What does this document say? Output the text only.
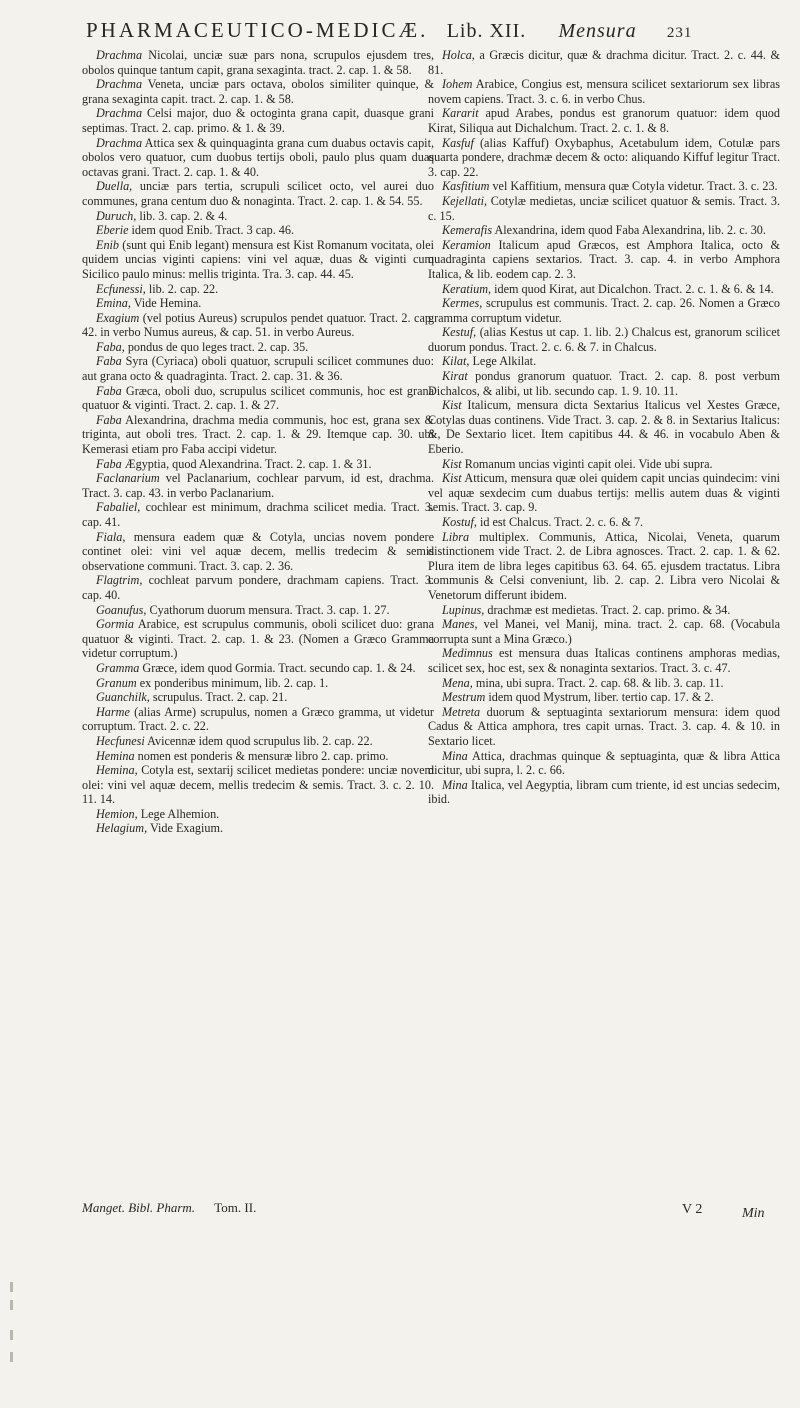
PHARMACEUTICO-MEDICÆ. Lib. XII. Mensura 231

Drachma Nicolai, unciæ suæ pars nona, scrupulos ejusdem tres, obolos quinque tantum capit, grana sexaginta. tract. 2. cap. 1. & 58.

Drachma Veneta, unciæ pars octava, obolos similiter quinque, & grana sexaginta capit. tract. 2. cap. 1. & 58.

Drachma Celsi major, duo & octoginta grana capit, duasque grani septimas. Tract. 2. cap. primo. & 1. & 39.

Drachma Attica sex & quinquaginta grana cum duabus octavis capit, obolos vero quatuor, cum duobus tertijs oboli, paulo plus quam duas octavas grani. Tract. 2. cap. 1. & 40.

Duella, unciæ pars tertia, scrupuli scilicet octo, vel aurei duo communes, grana centum duo & nonaginta. Tract. 2. cap. 1. & 54. 55.

Duruch, lib. 3. cap. 2. & 4.

Eberie idem quod Enib. Tract. 3 cap. 46.

Enib (sunt qui Enib legant) mensura est Kist Romanum vocitata, olei quidem uncias viginti capiens: vini vel aquæ, duas & viginti cum Sicilico paulo minus: mellis triginta. Tra. 3. cap. 44. 45.

Ecfunessi, lib. 2. cap. 22.

Emina, Vide Hemina.

Exagium (vel potius Aureus) scrupulos pendet quatuor. Tract. 2. cap. 42. in verbo Numus aureus, & cap. 51. in verbo Aureus.

Faba, pondus de quo leges tract. 2. cap. 35.

Faba Syra (Cyriaca) oboli quatuor, scrupuli scilicet communes duo: aut grana octo & quadraginta. Tract. 2. cap. 31. & 36.

Faba Græca, oboli duo, scrupulus scilicet communis, hoc est grana quatuor & viginti. Tract. 2. cap. 1. & 27.

Faba Alexandrina, drachma media communis, hoc est, grana sex & triginta, aut oboli tres. Tract. 2. cap. 1. & 29. Itemque cap. 30. ubi Kemerasi etiam pro Faba accipi videtur.

Faba Ægyptia, quod Alexandrina. Tract. 2. cap. 1. & 31.

Faclanarium vel Paclanarium, cochlear parvum, id est, drachma. Tract. 3. cap. 43. in verbo Paclanarium.

Fabaliel, cochlear est minimum, drachma scilicet media. Tract. 3. cap. 41.

Fiala, mensura eadem quæ & Cotyla, uncias novem pondere continet olei: vini vel aquæ decem, mellis tredecim & semis observatione communi. Tract. 3. cap. 2. 36.

Flagtrim, cochleat parvum pondere, drachmam capiens. Tract. 3. cap. 40.

Goanufus, Cyathorum duorum mensura. Tract. 3. cap. 1. 27.

Gormia Arabice, est scrupulus communis, oboli scilicet duo: grana quatuor & viginti. Tract. 2. cap. 1. & 23. (Nomen a Græco Gramma videtur corruptum.)

Gramma Græce, idem quod Gormia. Tract. secundo cap. 1. & 24.

Granum ex ponderibus minimum, lib. 2. cap. 1.

Guanchilk, scrupulus. Tract. 2. cap. 21.

Harme (alias Arme) scrupulus, nomen a Græco gramma, ut videtur corruptum. Tract. 2. c. 22.

Hecfunesi Avicennæ idem quod scrupulus lib. 2. cap. 22.

Hemina nomen est ponderis & mensuræ libro 2. cap. primo.

Hemina, Cotyla est, sextarij scilicet medietas pondere: unciæ novem olei: vini vel aquæ decem, mellis tredecim & semis. Tract. 3. c. 2. 10. 11. 14.

Hemion, Lege Alhemion.

Helagium, Vide Exagium.

Holca, a Græcis dicitur, quæ & drachma dicitur. Tract. 2. c. 44. & 81.

Iohem Arabice, Congius est, mensura scilicet sextariorum sex libras novem capiens. Tract. 3. c. 6. in verbo Chus.

Kararit apud Arabes, pondus est granorum quatuor: idem quod Kirat, Siliqua aut Dichalchum. Tract. 2. c. 1. & 8.

Kasfuf (alias Kaffuf) Oxybaphus, Acetabulum idem, Cotulæ pars quarta pondere, drachmæ decem & octo: aliquando Kiffuf legitur Tract. 3. cap. 22.

Kasfitium vel Kaffitium, mensura quæ Cotyla videtur. Tract. 3. c. 23.

Kejellati, Cotylæ medietas, unciæ scilicet quatuor & semis. Tract. 3. c. 15.

Kemerafis Alexandrina, idem quod Faba Alexandrina, lib. 2. c. 30.

Keramion Italicum apud Græcos, est Amphora Italica, octo & quadraginta capiens sextarios. Tract. 3. cap. 4. in verbo Amphora Italica, & lib. eodem cap. 2. 3.

Keratium, idem quod Kirat, aut Dicalchon. Tract. 2. c. 1. & 6. & 14.

Kermes, scrupulus est communis. Tract. 2. cap. 26. Nomen a Græco gramma corruptum videtur.

Kestuf, (alias Kestus ut cap. 1. lib. 2.) Chalcus est, granorum scilicet duorum pondus. Tract. 2. c. 6. & 7. in Chalcus.

Kilat, Lege Alkilat.

Kirat pondus granorum quatuor. Tract. 2. cap. 8. post verbum Dichalcos, & alibi, ut lib. secundo cap. 1. 9. 10. 11.

Kist Italicum, mensura dicta Sextarius Italicus vel Xestes Græce, Cotylas duas continens. Vide Tract. 3. cap. 2. & 8. in Sextarius Italicus: &, De Sextario licet. Item capitibus 44. & 46. in vocabulo Aben & Eberio.

Kist Romanum uncias viginti capit olei. Vide ubi supra.

Kist Atticum, mensura quæ olei quidem capit uncias quindecim: vini vel aquæ sexdecim cum duabus tertijs: mellis autem duas & viginti semis. Tract. 3. cap. 9.

Kostuf, id est Chalcus. Tract. 2. c. 6. & 7.

Libra multiplex. Communis, Attica, Nicolai, Veneta, quarum distinctionem vide Tract. 2. de Libra agnosces. Tract. 2. cap. 1. & 62. Plura item de libra leges capitibus 63. 64. 65. ejusdem tractatus. Libra communis & Celsi conveniunt, lib. 2. cap. 2. Libra vero Nicolai & Venetorum differunt ibidem.

Lupinus, drachmæ est medietas. Tract. 2. cap. primo. & 34.

Manes, vel Manei, vel Manij, mina. tract. 2. cap. 68. (Vocabula corrupta sunt a Mina Græco.)

Medimnus est mensura duas Italicas continens amphoras medias, scilicet sex, hoc est, sex & nonaginta sextarios. Tract. 3. c. 47.

Mena, mina, ubi supra. Tract. 2. cap. 68. & lib. 3. cap. 11.

Mestrum idem quod Mystrum, liber. tertio cap. 17. & 2.

Metreta duorum & septuaginta sextariorum mensura: idem quod Cadus & Attica amphora, tres capit urnas. Tract. 3. cap. 4. & 10. in Sextario licet.

Mina Attica, drachmas quinque & septuaginta, quæ & libra Attica dicitur, ubi supra, l. 2. c. 66.

Mina Italica, vel Aegyptia, libram cum triente, id est uncias sedecim, ibid.

Manget. Bibl. Pharm. Tom. II.	V 2	Min
